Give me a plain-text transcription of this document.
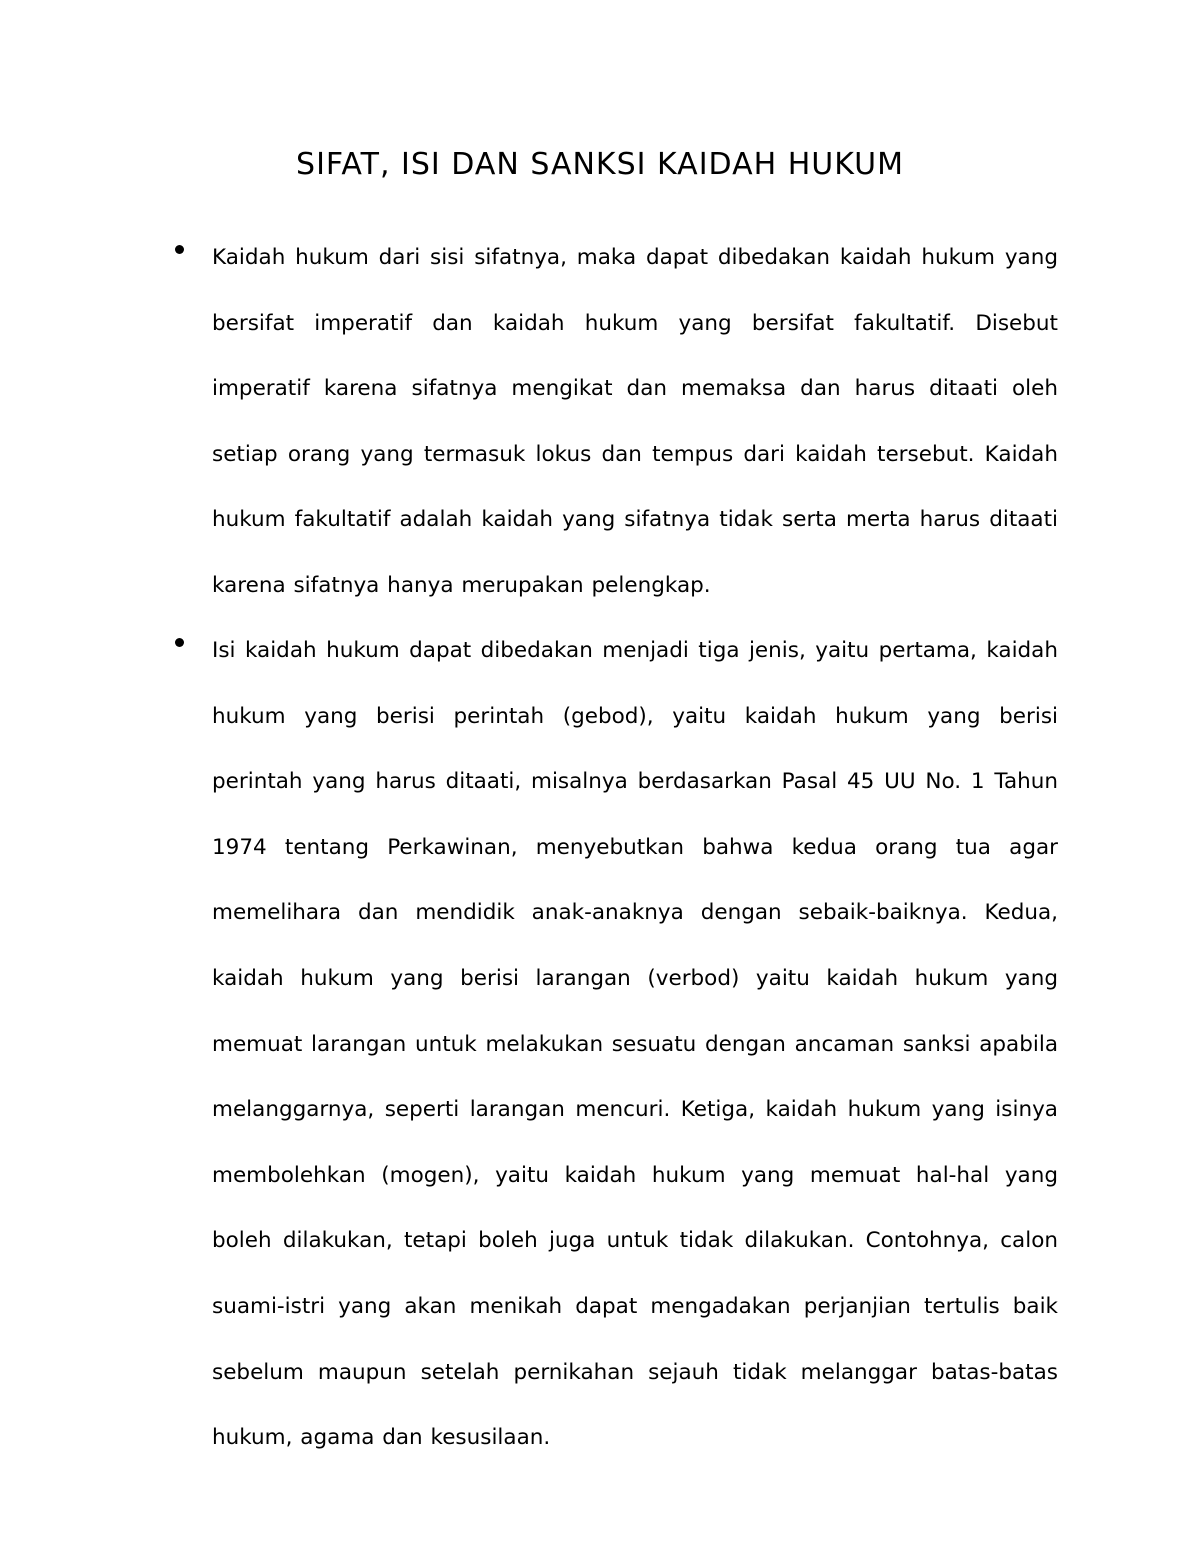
SIFAT, ISI DAN SANKSI KAIDAH HUKUM

Kaidah hukum dari sisi sifatnya, maka dapat dibedakan kaidah hukum yang bersifat imperatif dan kaidah hukum yang bersifat fakultatif. Disebut imperatif karena sifatnya mengikat dan memaksa dan harus ditaati oleh setiap orang yang termasuk lokus dan tempus dari kaidah tersebut. Kaidah hukum fakultatif adalah kaidah yang sifatnya tidak serta merta harus ditaati karena sifatnya hanya merupakan pelengkap.

Isi kaidah hukum dapat dibedakan menjadi tiga jenis, yaitu pertama, kaidah hukum yang berisi perintah (gebod), yaitu kaidah hukum yang berisi perintah yang harus ditaati, misalnya berdasarkan Pasal 45 UU No. 1 Tahun 1974 tentang Perkawinan, menyebutkan bahwa kedua orang tua agar memelihara dan mendidik anak-anaknya dengan sebaik-baiknya. Kedua, kaidah hukum yang berisi larangan (verbod) yaitu kaidah hukum yang memuat larangan untuk melakukan sesuatu dengan ancaman sanksi apabila melanggarnya, seperti larangan mencuri. Ketiga, kaidah hukum yang isinya membolehkan (mogen), yaitu kaidah hukum yang memuat hal-hal yang boleh dilakukan, tetapi boleh juga untuk tidak dilakukan. Contohnya, calon suami-istri yang akan menikah dapat mengadakan perjanjian tertulis baik sebelum maupun setelah pernikahan sejauh tidak melanggar batas-batas hukum, agama dan kesusilaan.
